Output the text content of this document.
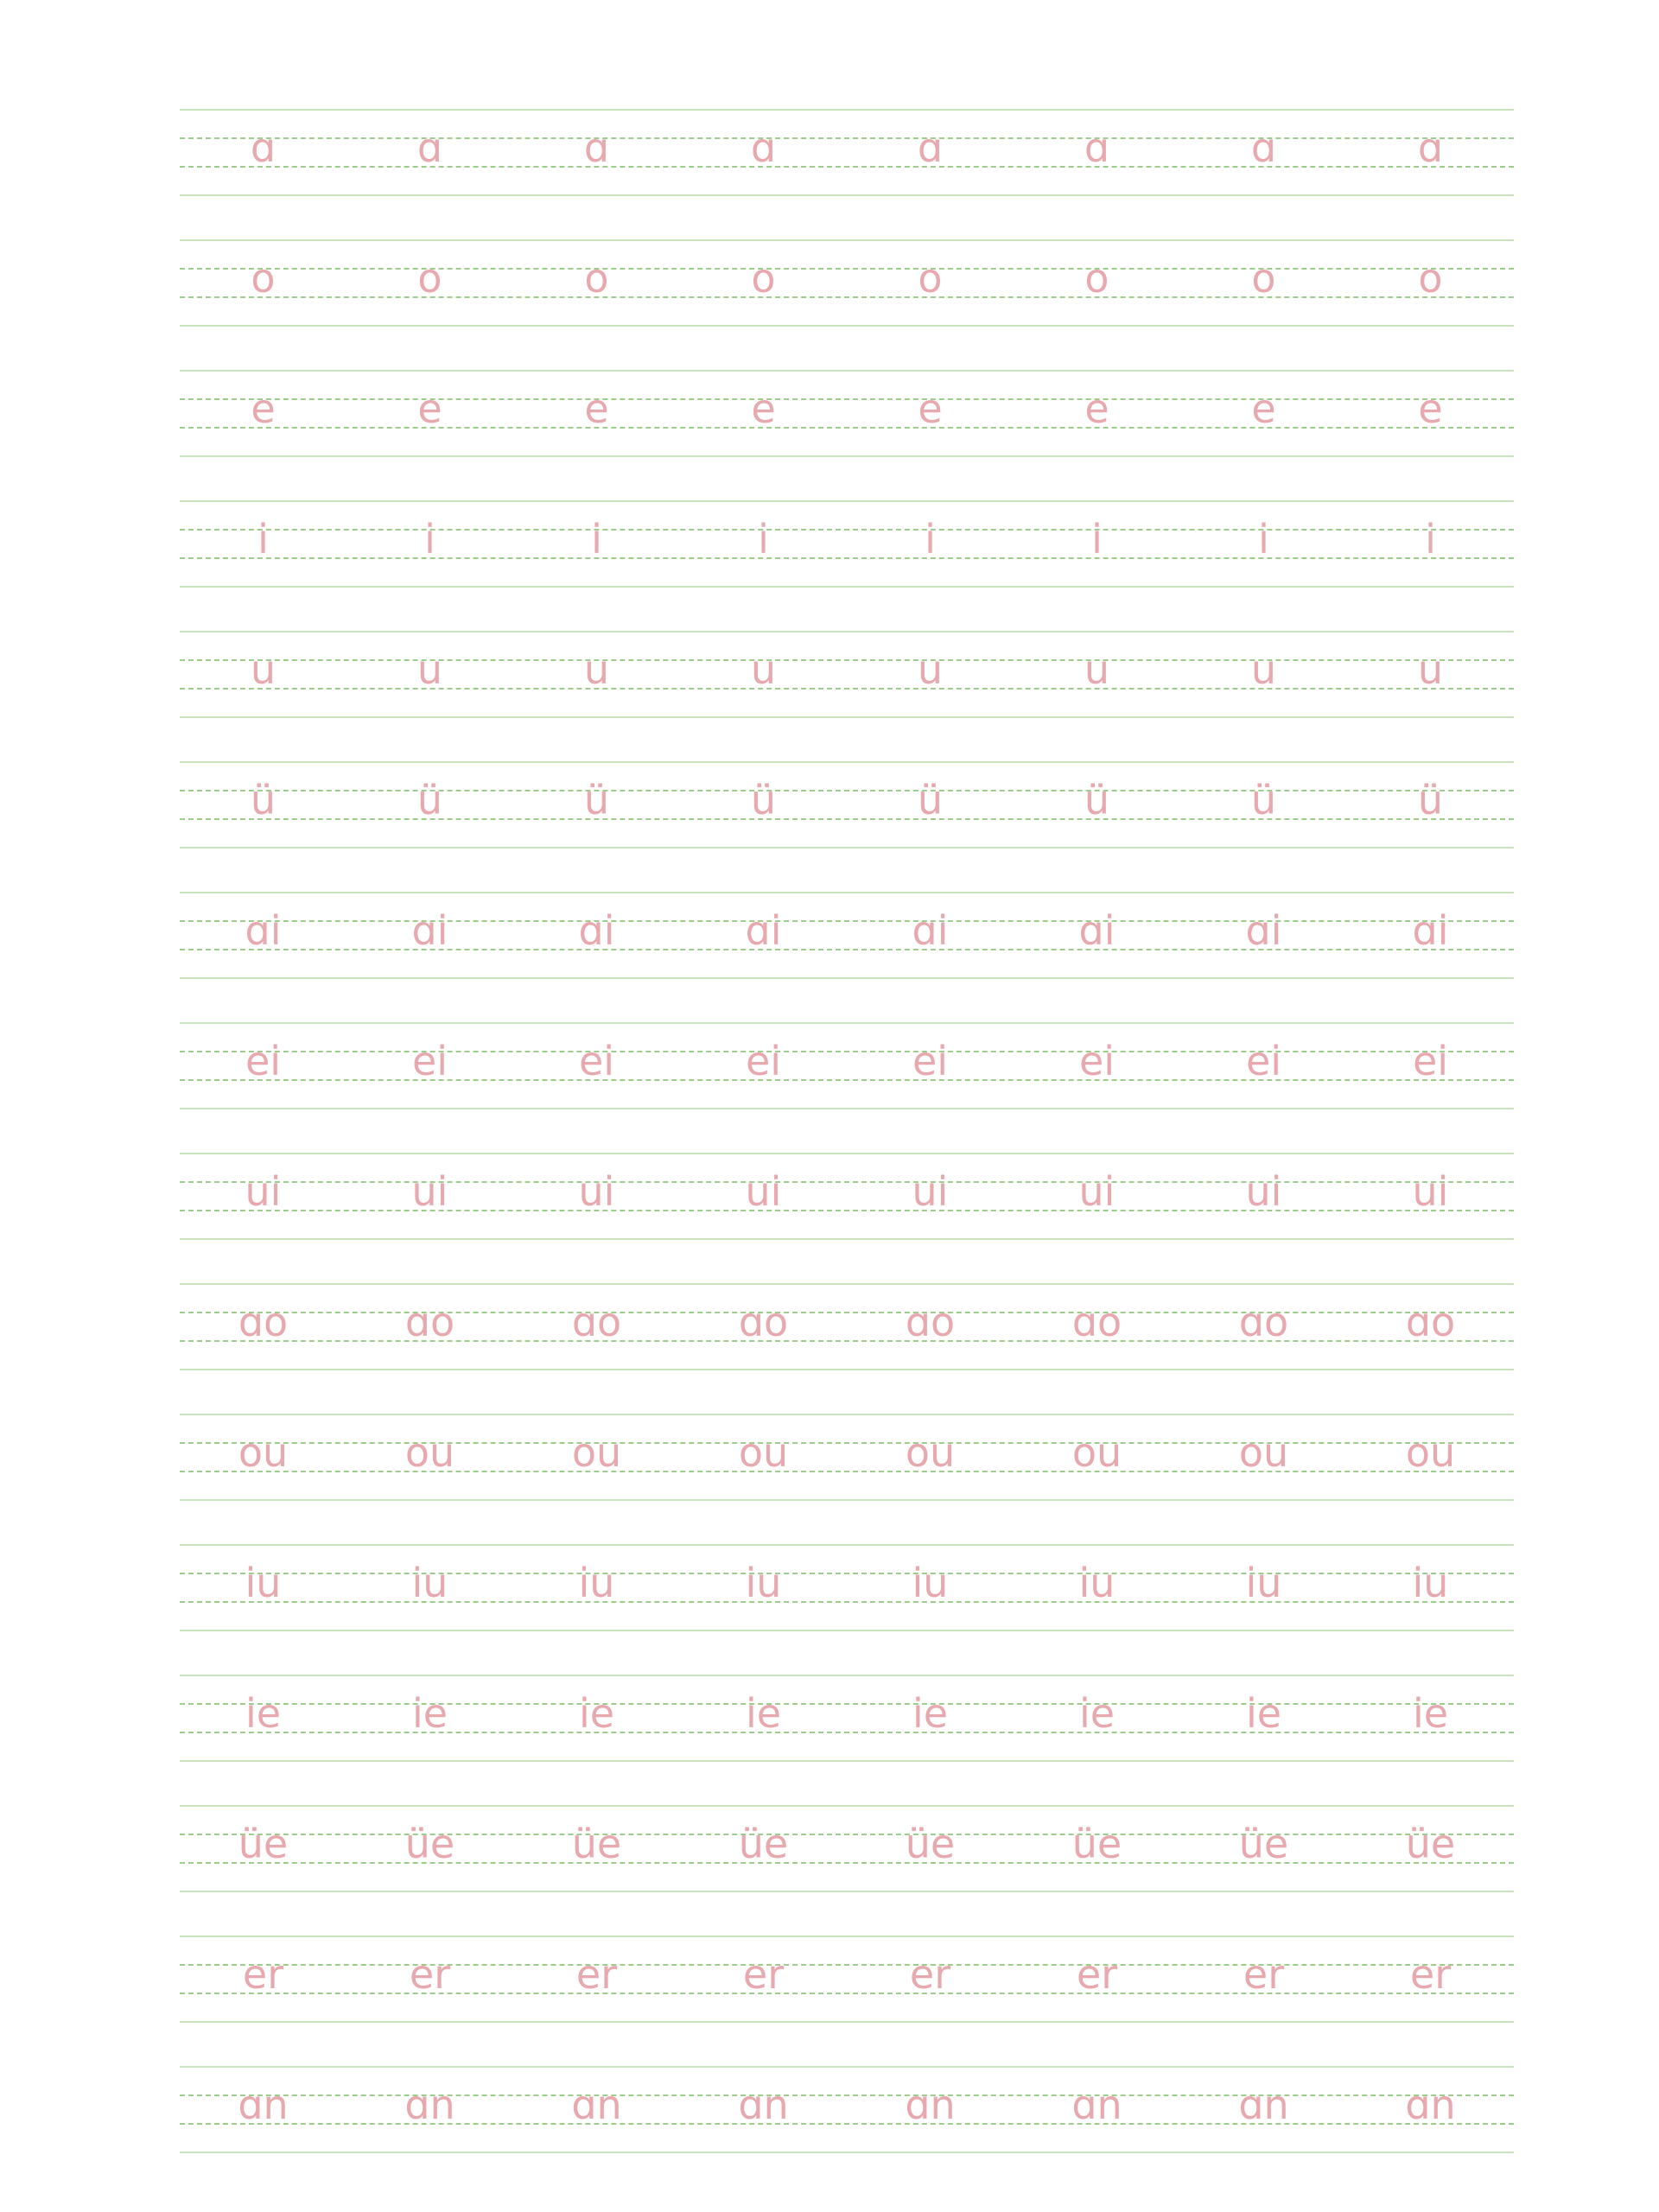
ɑ	ɑ	ɑ	ɑ	ɑ	ɑ	ɑ	ɑ
o	o	o	o	o	o	o	o
e	e	e	e	e	e	e	e
i	i	i	i	i	i	i	i
u	u	u	u	u	u	u	u
ü	ü	ü	ü	ü	ü	ü	ü
ɑi	ɑi	ɑi	ɑi	ɑi	ɑi	ɑi	ɑi
ei	ei	ei	ei	ei	ei	ei	ei
ui	ui	ui	ui	ui	ui	ui	ui
ɑo	ɑo	ɑo	ɑo	ɑo	ɑo	ɑo	ɑo
ou	ou	ou	ou	ou	ou	ou	ou
iu	iu	iu	iu	iu	iu	iu	iu
ie	ie	ie	ie	ie	ie	ie	ie
üe	üe	üe	üe	üe	üe	üe	üe
er	er	er	er	er	er	er	er
ɑn	ɑn	ɑn	ɑn	ɑn	ɑn	ɑn	ɑn
